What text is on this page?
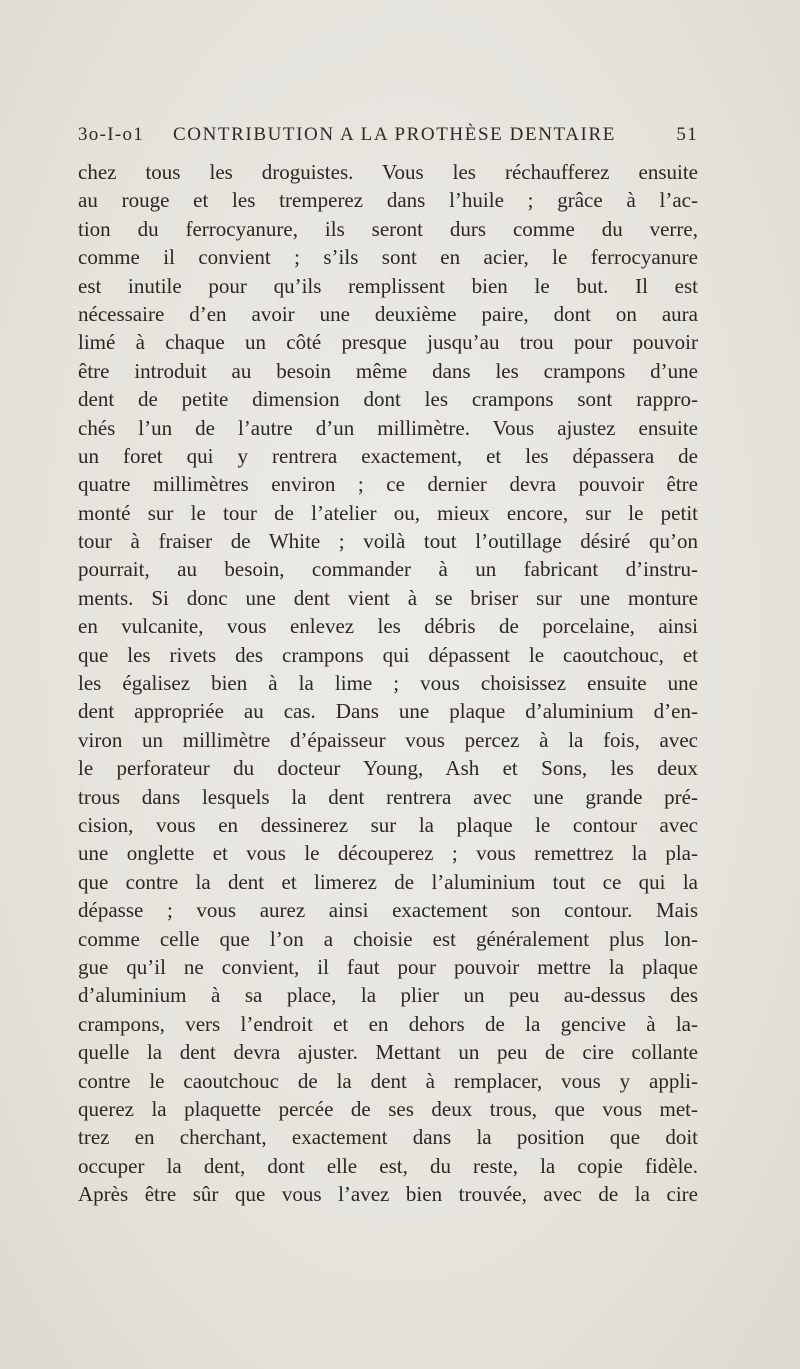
3o-I-o1 CONTRIBUTION A LA PROTHÈSE DENTAIRE	51
chez tous les droguistes. Vous les réchaufferez ensuite
au rouge et les tremperez dans l’huile ; grâce à l’ac-
tion du ferrocyanure, ils seront durs comme du verre,
comme il convient ; s’ils sont en acier, le ferrocyanure
est inutile pour qu’ils remplissent bien le but. Il est
nécessaire d’en avoir une deuxième paire, dont on aura
limé à chaque un côté presque jusqu’au trou pour pouvoir
être introduit au besoin même dans les crampons d’une
dent de petite dimension dont les crampons sont rappro-
chés l’un de l’autre d’un millimètre. Vous ajustez ensuite
un foret qui y rentrera exactement, et les dépassera de
quatre millimètres environ ; ce dernier devra pouvoir être
monté sur le tour de l’atelier ou, mieux encore, sur le petit
tour à fraiser de White ; voilà tout l’outillage désiré qu’on
pourrait, au besoin, commander à un fabricant d’instru-
ments. Si donc une dent vient à se briser sur une monture
en vulcanite, vous enlevez les débris de porcelaine, ainsi
que les rivets des crampons qui dépassent le caoutchouc, et
les égalisez bien à la lime ; vous choisissez ensuite une
dent appropriée au cas. Dans une plaque d’aluminium d’en-
viron un millimètre d’épaisseur vous percez à la fois, avec
le perforateur du docteur Young, Ash et Sons, les deux
trous dans lesquels la dent rentrera avec une grande pré-
cision, vous en dessinerez sur la plaque le contour avec
une onglette et vous le découperez ; vous remettrez la pla-
que contre la dent et limerez de l’aluminium tout ce qui la
dépasse ; vous aurez ainsi exactement son contour. Mais
comme celle que l’on a choisie est généralement plus lon-
gue qu’il ne convient, il faut pour pouvoir mettre la plaque
d’aluminium à sa place, la plier un peu au-dessus des
crampons, vers l’endroit et en dehors de la gencive à la-
quelle la dent devra ajuster. Mettant un peu de cire collante
contre le caoutchouc de la dent à remplacer, vous y appli-
querez la plaquette percée de ses deux trous, que vous met-
trez en cherchant, exactement dans la position que doit
occuper la dent, dont elle est, du reste, la copie fidèle.
Après être sûr que vous l’avez bien trouvée, avec de la cire
